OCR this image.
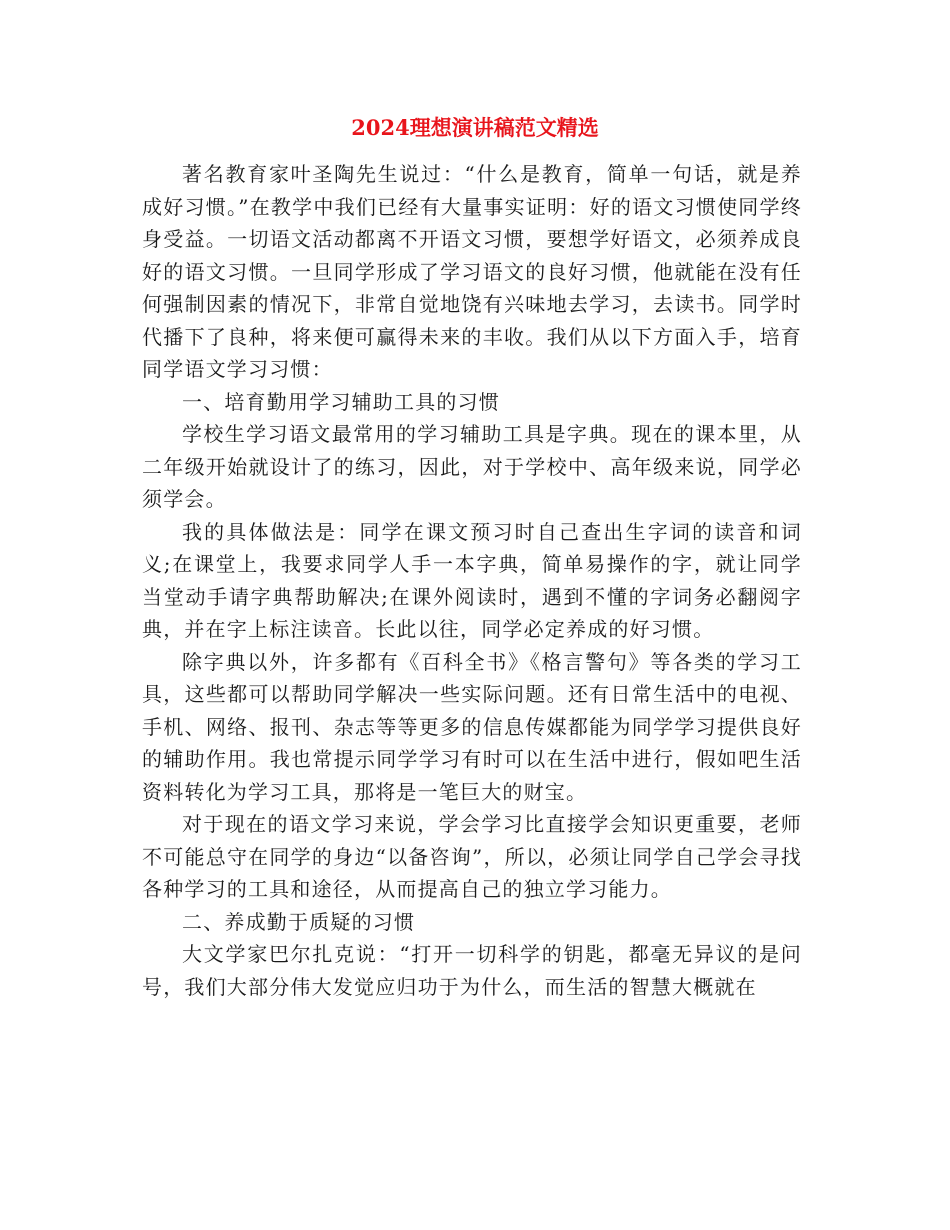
2024理想演讲稿范文精选

著名教育家叶圣陶先生说过：“什么是教育，简单一句话，就是养成好习惯。”在教学中我们已经有大量事实证明：好的语文习惯使同学终身受益。一切语文活动都离不开语文习惯，要想学好语文，必须养成良好的语文习惯。一旦同学形成了学习语文的良好习惯，他就能在没有任何强制因素的情况下，非常自觉地饶有兴味地去学习，去读书。同学时代播下了良种，将来便可赢得未来的丰收。我们从以下方面入手，培育同学语文学习习惯：

一、培育勤用学习辅助工具的习惯

学校生学习语文最常用的学习辅助工具是字典。现在的课本里，从二年级开始就设计了的练习，因此，对于学校中、高年级来说，同学必须学会。

我的具体做法是：同学在课文预习时自己查出生字词的读音和词义;在课堂上，我要求同学人手一本字典，简单易操作的字，就让同学当堂动手请字典帮助解决;在课外阅读时，遇到不懂的字词务必翻阅字典，并在字上标注读音。长此以往，同学必定养成的好习惯。

除字典以外，许多都有《百科全书》《格言警句》等各类的学习工具，这些都可以帮助同学解决一些实际问题。还有日常生活中的电视、手机、网络、报刊、杂志等等更多的信息传媒都能为同学学习提供良好的辅助作用。我也常提示同学学习有时可以在生活中进行，假如吧生活资料转化为学习工具，那将是一笔巨大的财宝。

对于现在的语文学习来说，学会学习比直接学会知识更重要，老师不可能总守在同学的身边“以备咨询”，所以，必须让同学自己学会寻找各种学习的工具和途径，从而提高自己的独立学习能力。

二、养成勤于质疑的习惯

大文学家巴尔扎克说：“打开一切科学的钥匙，都毫无异议的是问号，我们大部分伟大发觉应归功于为什么，而生活的智慧大概就在
